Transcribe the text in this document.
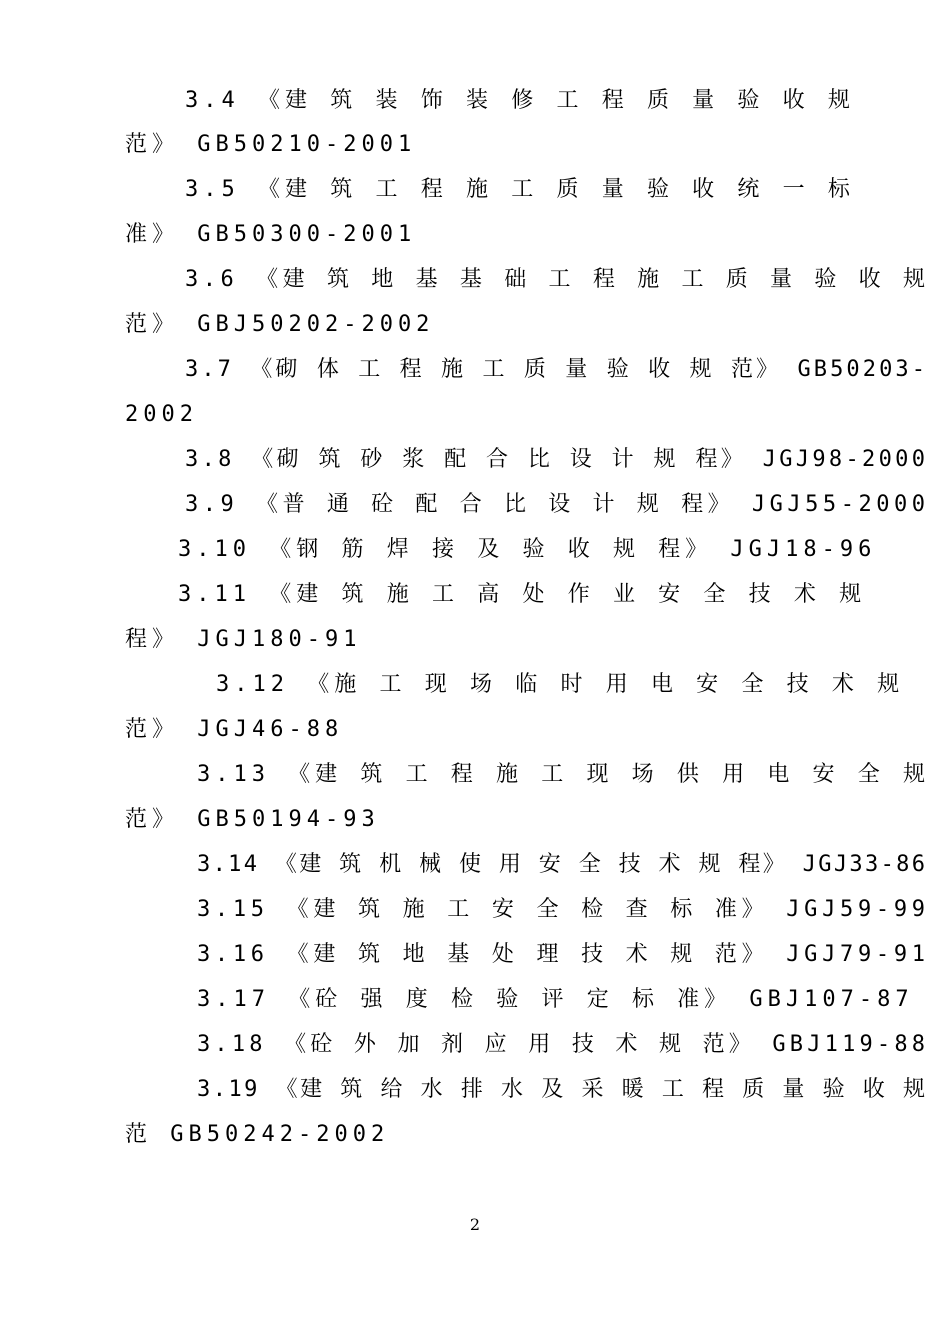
3.4 《建 筑 装 饰 装 修 工 程 质 量 验 收 规
范》 GB50210-2001
3.5 《建 筑 工 程 施 工 质 量 验 收 统 一 标
准》 GB50300-2001
3.6 《建 筑 地 基 基 础 工 程 施 工 质 量 验 收 规
范》 GBJ50202-2002
3.7 《砌 体 工 程 施 工 质 量 验 收 规 范》 GB50203-
2002
3.8 《砌 筑 砂 浆 配 合 比 设 计 规 程》 JGJ98-2000
3.9 《普 通 砼 配 合 比 设 计 规 程》 JGJ55-2000
3.10 《钢 筋 焊 接 及 验 收 规 程》 JGJ18-96
3.11 《建 筑 施 工 高 处 作 业 安 全 技 术 规
程》 JGJ180-91
3.12 《施 工 现 场 临 时 用 电 安 全 技 术 规
范》 JGJ46-88
3.13 《建 筑 工 程 施 工 现 场 供 用 电 安 全 规
范》 GB50194-93
3.14 《建 筑 机 械 使 用 安 全 技 术 规 程》 JGJ33-86
3.15 《建 筑 施 工 安 全 检 查 标 准》 JGJ59-99
3.16 《建 筑 地 基 处 理 技 术 规 范》 JGJ79-91
3.17 《砼 强 度 检 验 评 定 标 准》 GBJ107-87
3.18 《砼 外 加 剂 应 用 技 术 规 范》 GBJ119-88
3.19 《建 筑 给 水 排 水 及 采 暖 工 程 质 量 验 收 规
范 GB50242-2002
2
